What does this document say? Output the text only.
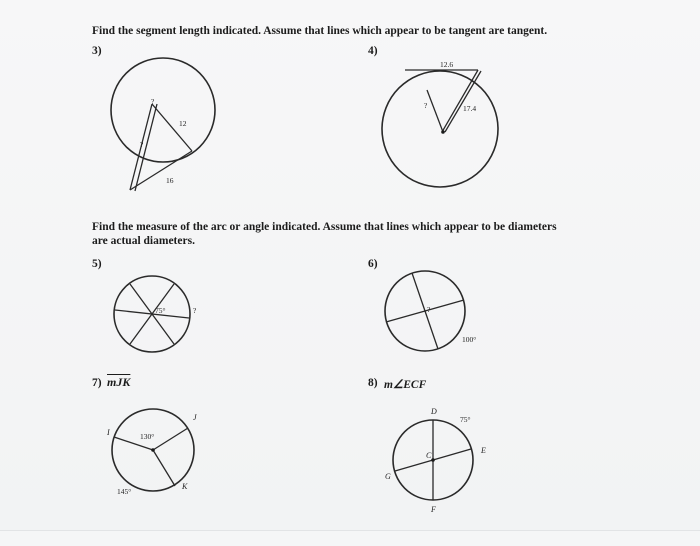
Find the segment length indicated. Assume that lines which appear to be tangent are tangent.
3)
?
?
12
16
4)
12.6
17.4
?
Find the measure of the arc or angle indicated. Assume that lines which appear to be diameters
are actual diameters.
5)
75°	?
6)
?
100°
7) $\overline{mJK}$
130°
145°
I
J
K
8) m∠ECF
D
75°
E
C
G
F
